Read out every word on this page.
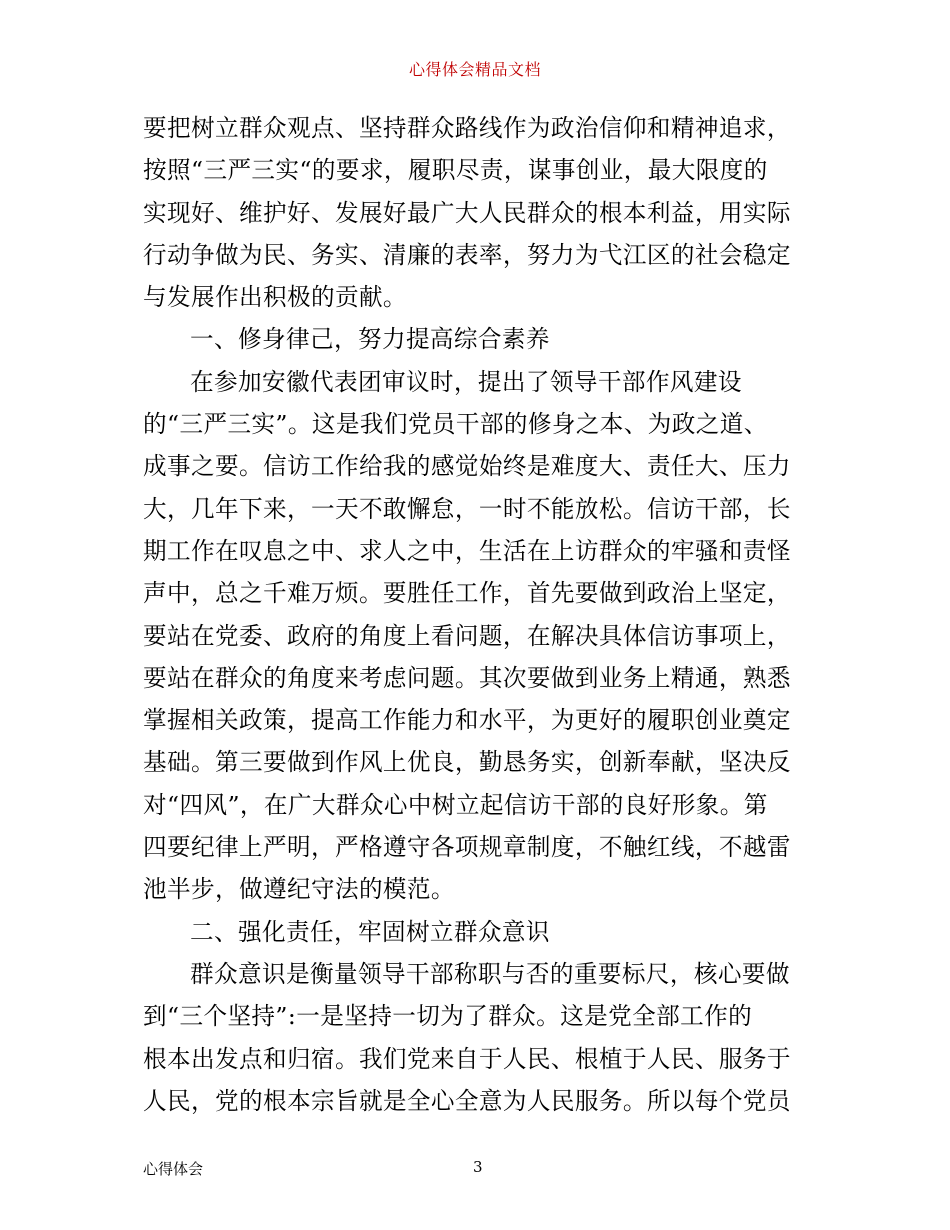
心得体会精品文档
要把树立群众观点、坚持群众路线作为政治信仰和精神追求，
按照“三严三实“的要求，履职尽责，谋事创业，最大限度的
实现好、维护好、发展好最广大人民群众的根本利益，用实际
行动争做为民、务实、清廉的表率，努力为弋江区的社会稳定
与发展作出积极的贡献。
一、修身律己，努力提高综合素养
在参加安徽代表团审议时，提出了领导干部作风建设
的“三严三实”。这是我们党员干部的修身之本、为政之道、
成事之要。信访工作给我的感觉始终是难度大、责任大、压力
大，几年下来，一天不敢懈怠，一时不能放松。信访干部，长
期工作在叹息之中、求人之中，生活在上访群众的牢骚和责怪
声中，总之千难万烦。要胜任工作，首先要做到政治上坚定，
要站在党委、政府的角度上看问题，在解决具体信访事项上，
要站在群众的角度来考虑问题。其次要做到业务上精通，熟悉
掌握相关政策，提高工作能力和水平，为更好的履职创业奠定
基础。第三要做到作风上优良，勤恳务实，创新奉献，坚决反
对“四风”，在广大群众心中树立起信访干部的良好形象。第
四要纪律上严明，严格遵守各项规章制度，不触红线，不越雷
池半步，做遵纪守法的模范。
二、强化责任，牢固树立群众意识
群众意识是衡量领导干部称职与否的重要标尺，核心要做
到“三个坚持”:一是坚持一切为了群众。这是党全部工作的
根本出发点和归宿。我们党来自于人民、根植于人民、服务于
人民，党的根本宗旨就是全心全意为人民服务。所以每个党员
心得体会	3
